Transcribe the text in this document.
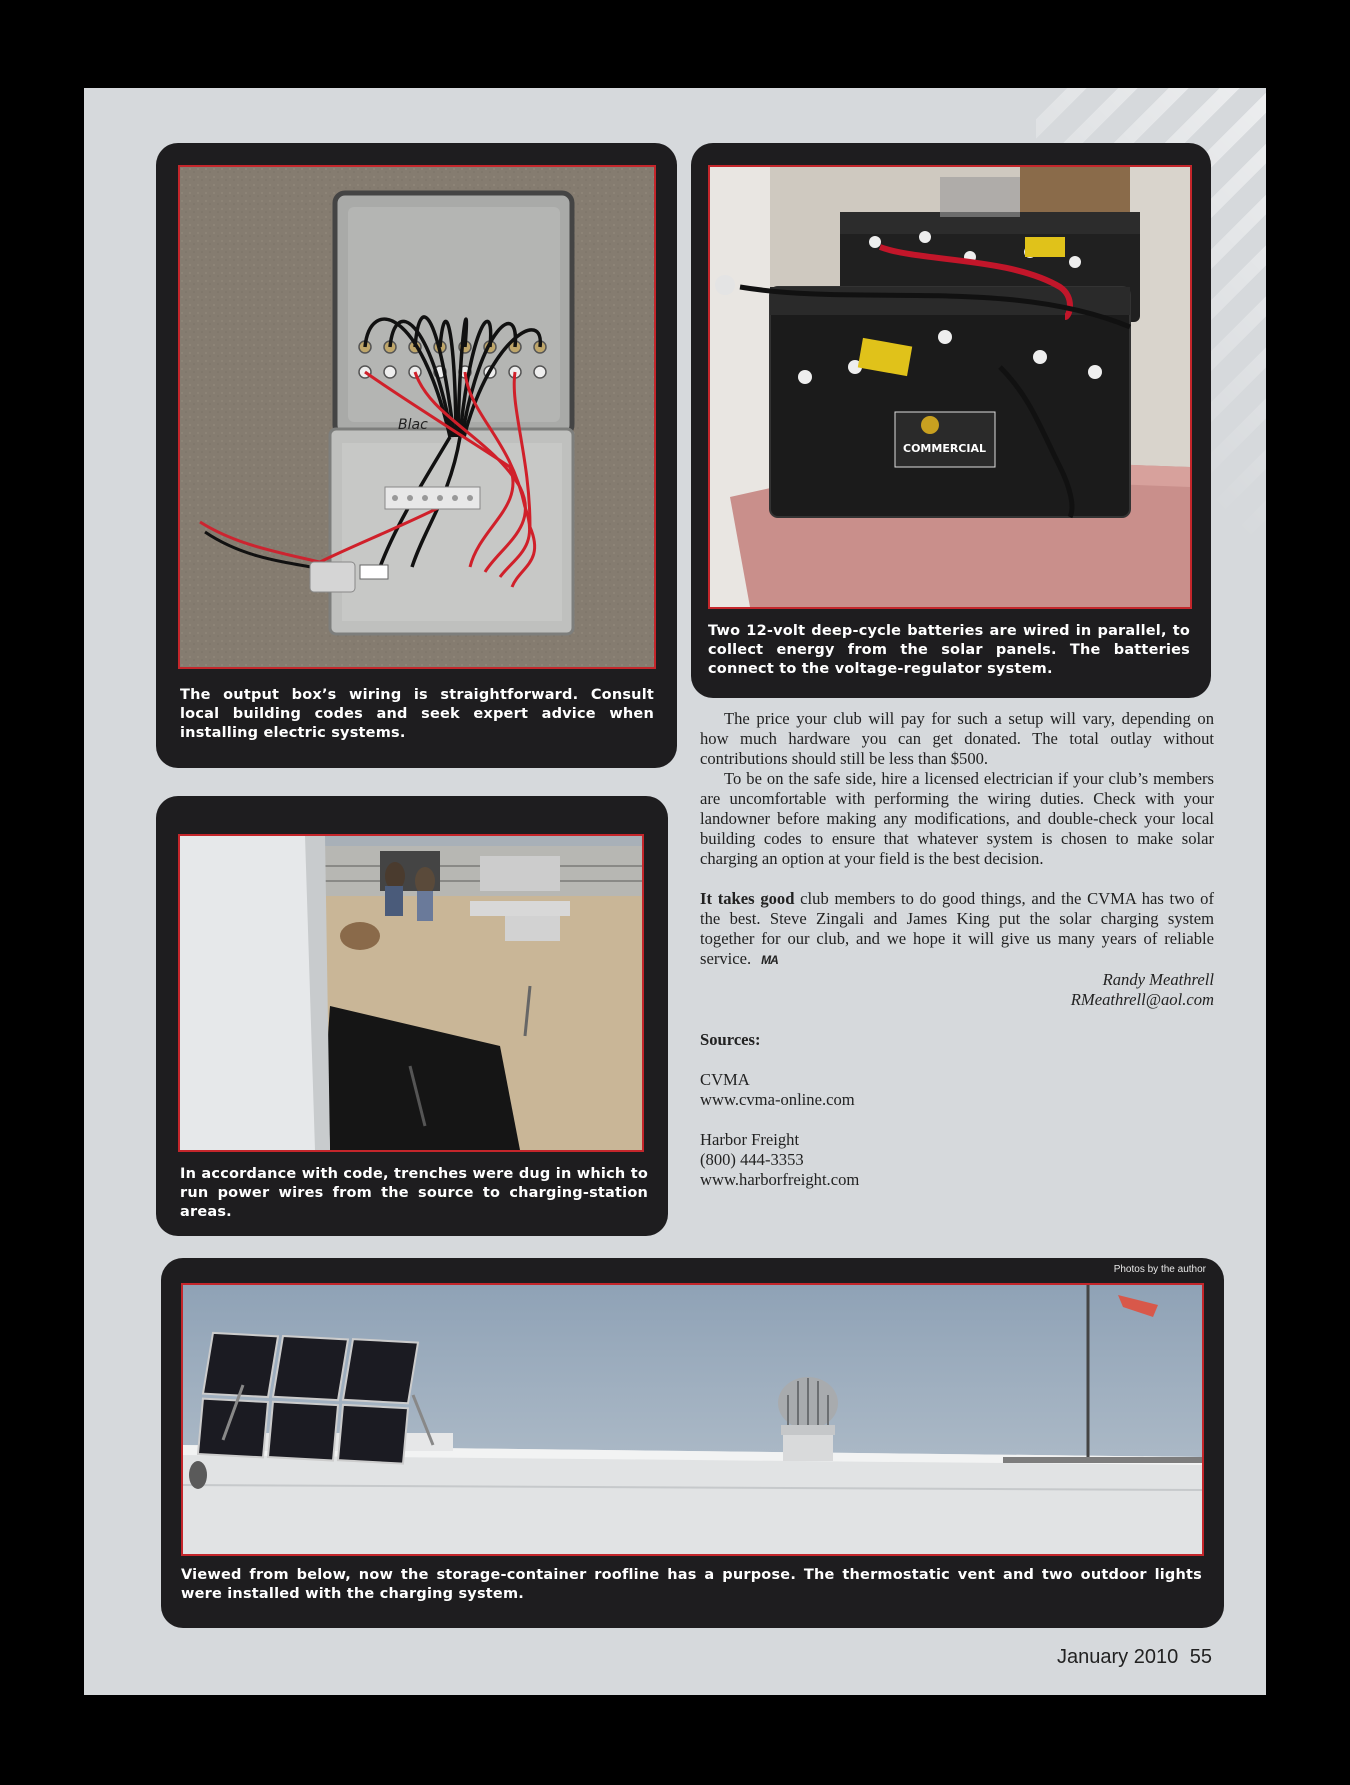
Blac

The output box’s wiring is straightforward. Consult local building codes and seek expert advice when installing electric systems.

COMMERCIAL

Two 12-volt deep-cycle batteries are wired in parallel, to collect energy from the solar panels. The batteries connect to the voltage-regulator system.

In accordance with code, trenches were dug in which to run power wires from the source to charging-station areas.

The price your club will pay for such a setup will vary, depending on how much hardware you can get donated. The total outlay without contributions should still be less than $500.

To be on the safe side, hire a licensed electrician if your club’s members are uncomfortable with performing the wiring duties. Check with your landowner before making any modifications, and double-check your local building codes to ensure that whatever system is chosen to make solar charging an option at your field is the best decision.

It takes good club members to do good things, and the CVMA has two of the best. Steve Zingali and James King put the solar charging system together for our club, and we hope it will give us many years of reliable service. MA

Randy Meathrell
RMeathrell@aol.com
Sources:
CVMA
www.cvma-online.com
Harbor Freight
(800) 444-3353
www.harborfreight.com
Photos by the author

Viewed from below, now the storage-container roofline has a purpose. The thermostatic vent and two outdoor lights were installed with the charging system.

January 2010 55
